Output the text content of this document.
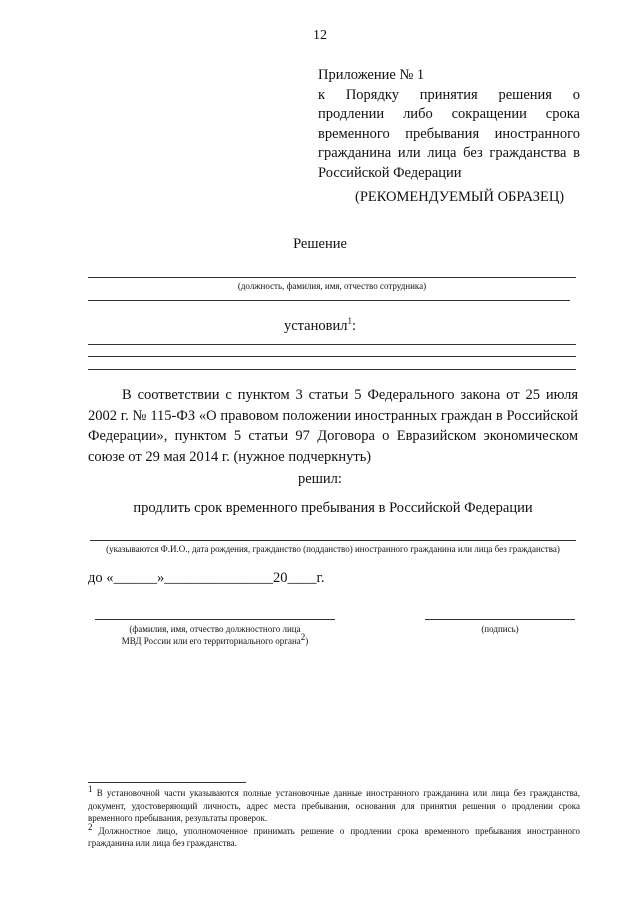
12
Приложение № 1
к Порядку принятия решения о продлении либо сокращении срока временного пребывания иностранного гражданина или лица без гражданства в Российской Федерации
(РЕКОМЕНДУЕМЫЙ ОБРАЗЕЦ)
Решение
(должность, фамилия, имя, отчество сотрудника)
установил$^1$:
В соответствии с пунктом 3 статьи 5 Федерального закона от 25 июля 2002 г. № 115-ФЗ «О правовом положении иностранных граждан в Российской Федерации», пунктом 5 статьи 97 Договора о Евразийском экономическом союзе от 29 мая 2014 г. (нужное подчеркнуть)
решил:
продлить срок временного пребывания в Российской Федерации
(указываются Ф.И.О., дата рождения, гражданство (подданство) иностранного гражданина или лица без гражданства)
до «______»_______________20____г.
(фамилия, имя, отчество должностного лица
МВД России или его территориального органа$^2$)
(подпись)

$^1$ В установочной части указываются полные установочные данные иностранного гражданина или лица без гражданства, документ, удостоверяющий личность, адрес места пребывания, основания для принятия решения о продлении срока временного пребывания, результаты проверок.

$^2$ Должностное лицо, уполномоченное принимать решение о продлении срока временного пребывания иностранного гражданина или лица без гражданства.
